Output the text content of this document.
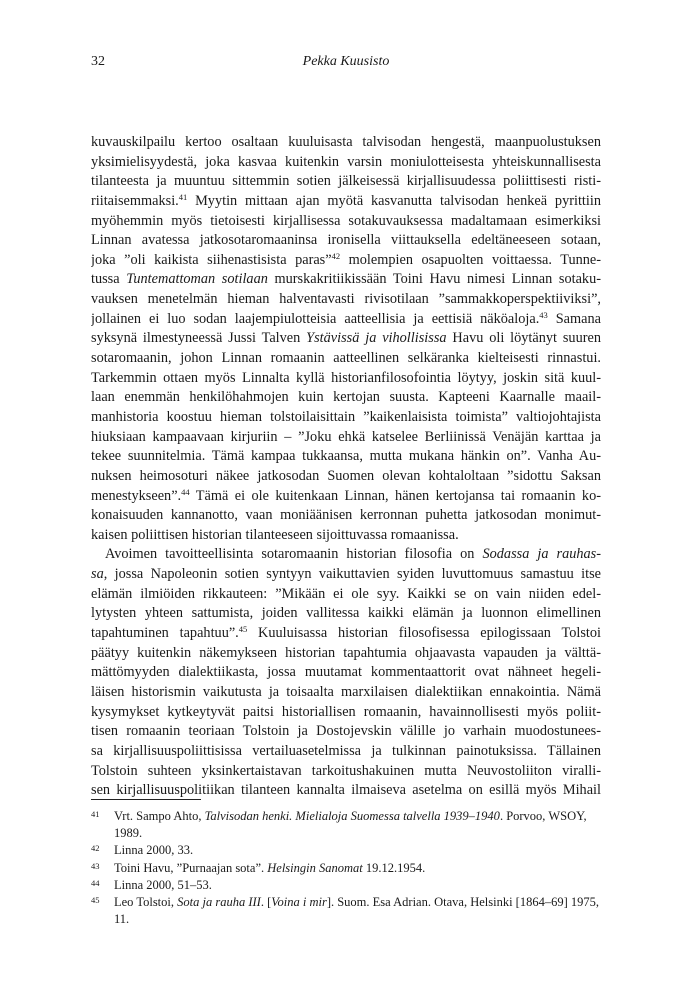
32	Pekka Kuusisto
kuvauskilpailu kertoo osaltaan kuuluisasta talvisodan hengestä, maanpuolustuksen
yksimielisyydestä, joka kasvaa kuitenkin varsin moniulotteisesta yhteiskunnallisesta
tilanteesta ja muuntuu sittemmin sotien jälkeisessä kirjallisuudessa poliittisesti risti-
riitaisemmaksi.$^{41}$ Myytin mittaan ajan myötä kasvanutta talvisodan henkeä pyrittiin
myöhemmin myös tietoisesti kirjallisessa sotakuvauksessa madaltamaan esimerkiksi
Linnan avatessa jatkosotaromaaninsa ironisella viittauksella edeltäneeseen sotaan,
joka ”oli kaikista siihenastisista paras”$^{42}$ molempien osapuolten voittaessa. Tunne-
tussa Tuntemattoman sotilaan murskakritiikissään Toini Havu nimesi Linnan sotaku-
vauksen menetelmän hieman halventavasti rivisotilaan ”sammakkoperspektiiviksi”,
jollainen ei luo sodan laajempiulotteisia aatteellisia ja eettisiä näköaloja.$^{43}$ Samana
syksynä ilmestyneessä Jussi Talven Ystävissä ja vihollisissa Havu oli löytänyt suuren
sotaromaanin, johon Linnan romaanin aatteellinen selkäranka kielteisesti rinnastui.
Tarkemmin ottaen myös Linnalta kyllä historianfilosofointia löytyy, joskin sitä kuul-
laan enemmän henkilöhahmojen kuin kertojan suusta. Kapteeni Kaarnalle maail-
manhistoria koostuu hieman tolstoilaisittain ”kaikenlaisista toimista” valtiojohtajista
hiuksiaan kampaavaan kirjuriin – ”Joku ehkä katselee Berliinissä Venäjän karttaa ja
tekee suunnitelmia. Tämä kampaa tukkaansa, mutta mukana hänkin on”. Vanha Au-
nuksen heimosoturi näkee jatkosodan Suomen olevan kohtaloltaan ”sidottu Saksan
menestykseen”.$^{44}$ Tämä ei ole kuitenkaan Linnan, hänen kertojansa tai romaanin ko-
konaisuuden kannanotto, vaan moniäänisen kerronnan puhetta jatkosodan monimut-
kaisen poliittisen historian tilanteeseen sijoittuvassa romaanissa.
Avoimen tavoitteellisinta sotaromaanin historian filosofia on Sodassa ja rauhas-
sa, jossa Napoleonin sotien syntyyn vaikuttavien syiden luvuttomuus samastuu itse
elämän ilmiöiden rikkauteen: ”Mikään ei ole syy. Kaikki se on vain niiden edel-
lytysten yhteen sattumista, joiden vallitessa kaikki elämän ja luonnon elimellinen
tapahtuminen tapahtuu”.$^{45}$ Kuuluisassa historian filosofisessa epilogissaan Tolstoi
päätyy kuitenkin näkemykseen historian tapahtumia ohjaavasta vapauden ja välttä-
mättömyyden dialektiikasta, jossa muutamat kommentaattorit ovat nähneet hegeli-
läisen historismin vaikutusta ja toisaalta marxilaisen dialektiikan ennakointia. Nämä
kysymykset kytkeytyvät paitsi historiallisen romaanin, havainnollisesti myös poliit-
tisen romaanin teoriaan Tolstoin ja Dostojevskin välille jo varhain muodostunees-
sa kirjallisuuspoliittisissa vertailuasetelmissa ja tulkinnan painotuksissa. Tällainen
Tolstoin suhteen yksinkertaistavan tarkoitushakuinen mutta Neuvostoliiton viralli-
sen kirjallisuuspolitiikan tilanteen kannalta ilmaiseva asetelma on esillä myös Mihail
41 Vrt. Sampo Ahto, Talvisodan henki. Mielialoja Suomessa talvella 1939–1940. Porvoo, WSOY, 1989.
42 Linna 2000, 33.
43 Toini Havu, ”Purnaajan sota”. Helsingin Sanomat 19.12.1954.
44 Linna 2000, 51–53.
45 Leo Tolstoi, Sota ja rauha III. [Voina i mir]. Suom. Esa Adrian. Otava, Helsinki [1864–69] 1975, 11.
